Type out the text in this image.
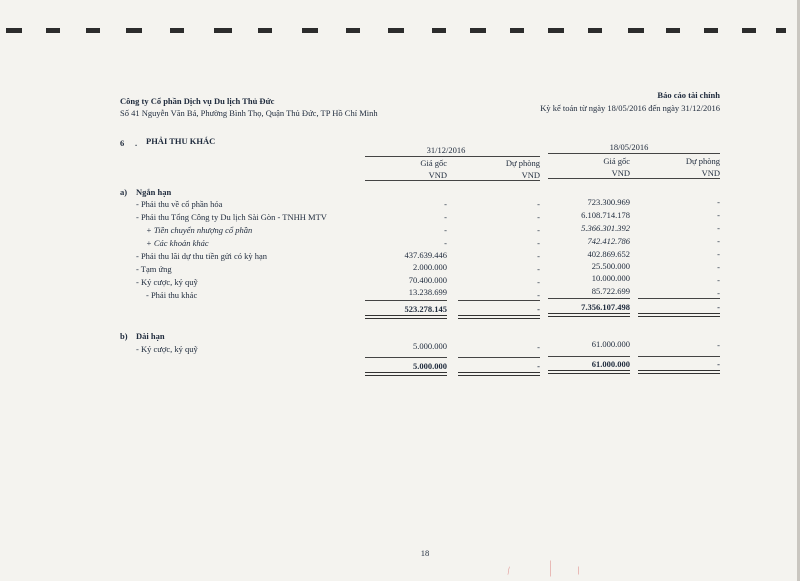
Công ty Cổ phần Dịch vụ Du lịch Thủ Đức
Số 41 Nguyễn Văn Bá, Phường Bình Thọ, Quận Thủ Đức, TP Hồ Chí Minh
Báo cáo tài chính
Kỳ kế toán từ ngày 18/05/2016 đến ngày 31/12/2016
6 . PHẢI THU KHÁC
31/12/2016	18/05/2016
Giá gốc	Dự phòng	Giá gốc	Dự phòng
VND	VND	VND	VND
a) Ngắn hạn
- Phải thu về cổ phần hóa	-	-	723.300.969	-
- Phải thu Tổng Công ty Du lịch Sài Gòn - TNHH MTV	-	-	6.108.714.178	-
+ Tiền chuyển nhượng cổ phần	-	-	5.366.301.392	-
+ Các khoản khác	-	-	742.412.786	-
- Phải thu lãi dự thu tiền gửi có kỳ hạn	437.639.446	-	402.869.652	-
- Tạm ứng	2.000.000	-	25.500.000	-
- Ký cược, ký quỹ	70.400.000	-	10.000.000	-
- Phải thu khác	13.238.699	-	85.722.699	-
523.278.145	-	7.356.107.498	-
b) Dài hạn
- Ký cược, ký quỹ	5.000.000	-	61.000.000	-
5.000.000	-	61.000.000	-
18
―	―― ―
